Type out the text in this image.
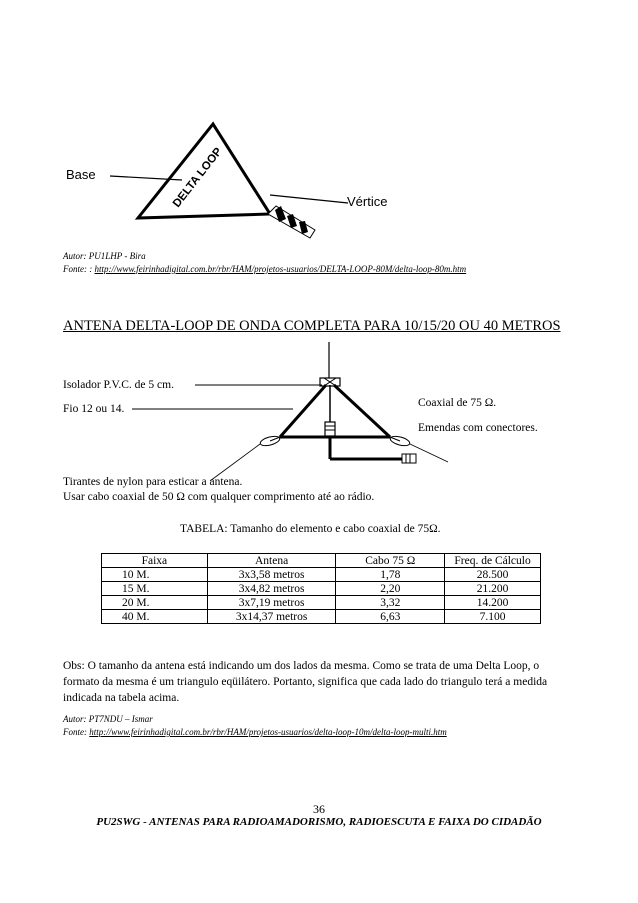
Base
Vértice
DELTA LOOP
Autor: PU1LHP - Bira
Fonte: : http://www.feirinhadigital.com.br/rbr/HAM/projetos-usuarios/DELTA-LOOP-80M/delta-loop-80m.htm
ANTENA DELTA-LOOP DE ONDA COMPLETA PARA 10/15/20 OU 40 METROS
Isolador P.V.C. de 5 cm.
Fio 12 ou 14.	Coaxial de 75 Ω.
Emendas com conectores.
Tirantes de nylon para esticar a antena.
Usar cabo coaxial de 50 Ω com qualquer comprimento até ao rádio.
TABELA: Tamanho do elemento e cabo coaxial de 75Ω.
Faixa	Antena	Cabo 75 Ω	Freq. de Cálculo
10 M.	3x3,58 metros	1,78	28.500
15 M.	3x4,82 metros	2,20	21.200
20 M.	3x7,19 metros	3,32	14.200
40 M.	3x14,37 metros	6,63	7.100
Obs: O tamanho da antena está indicando um dos lados da mesma. Como se trata de uma Delta Loop, o formato da mesma é um triangulo eqüilátero. Portanto, significa que cada lado do triangulo terá a medida indicada na tabela acima.
Autor: PT7NDU – Ismar
Fonte: http://www.feirinhadigital.com.br/rbr/HAM/projetos-usuarios/delta-loop-10m/delta-loop-multi.htm
36
PU2SWG - ANTENAS PARA RADIOAMADORISMO, RADIOESCUTA E FAIXA DO CIDADÃO
